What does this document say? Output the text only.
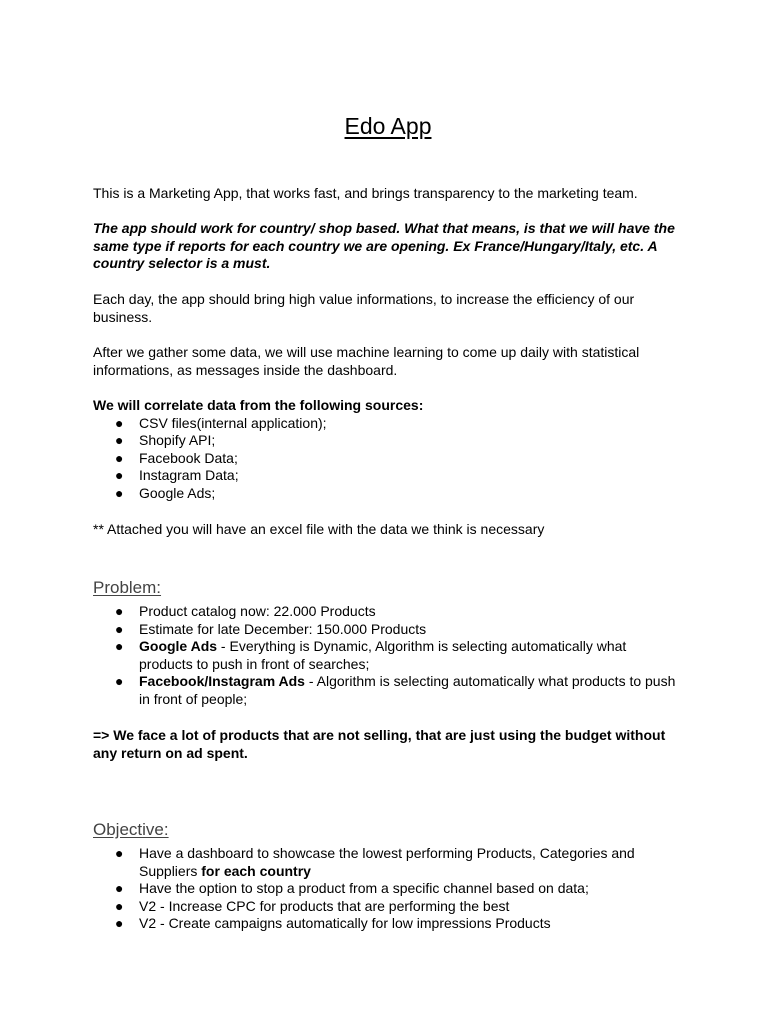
Edo App

This is a Marketing App, that works fast, and brings transparency to the marketing team.

The app should work for country/ shop based. What that means, is that we will have the same type if reports for each country we are opening. Ex France/Hungary/Italy, etc. A country selector is a must.

Each day, the app should bring high value informations, to increase the efficiency of our business.

After we gather some data, we will use machine learning to come up daily with statistical informations, as messages inside the dashboard.

We will correlate data from the following sources:
● CSV files(internal application);
● Shopify API;
● Facebook Data;
● Instagram Data;
● Google Ads;

** Attached you will have an excel file with the data we think is necessary

Problem:
● Product catalog now: 22.000 Products
● Estimate for late December: 150.000 Products
● Google Ads - Everything is Dynamic, Algorithm is selecting automatically what products to push in front of searches;
● Facebook/Instagram Ads - Algorithm is selecting automatically what products to push in front of people;

=> We face a lot of products that are not selling, that are just using the budget without any return on ad spent.

Objective:
● Have a dashboard to showcase the lowest performing Products, Categories and Suppliers for each country
● Have the option to stop a product from a specific channel based on data;
● V2 - Increase CPC for products that are performing the best
● V2 - Create campaigns automatically for low impressions Products
